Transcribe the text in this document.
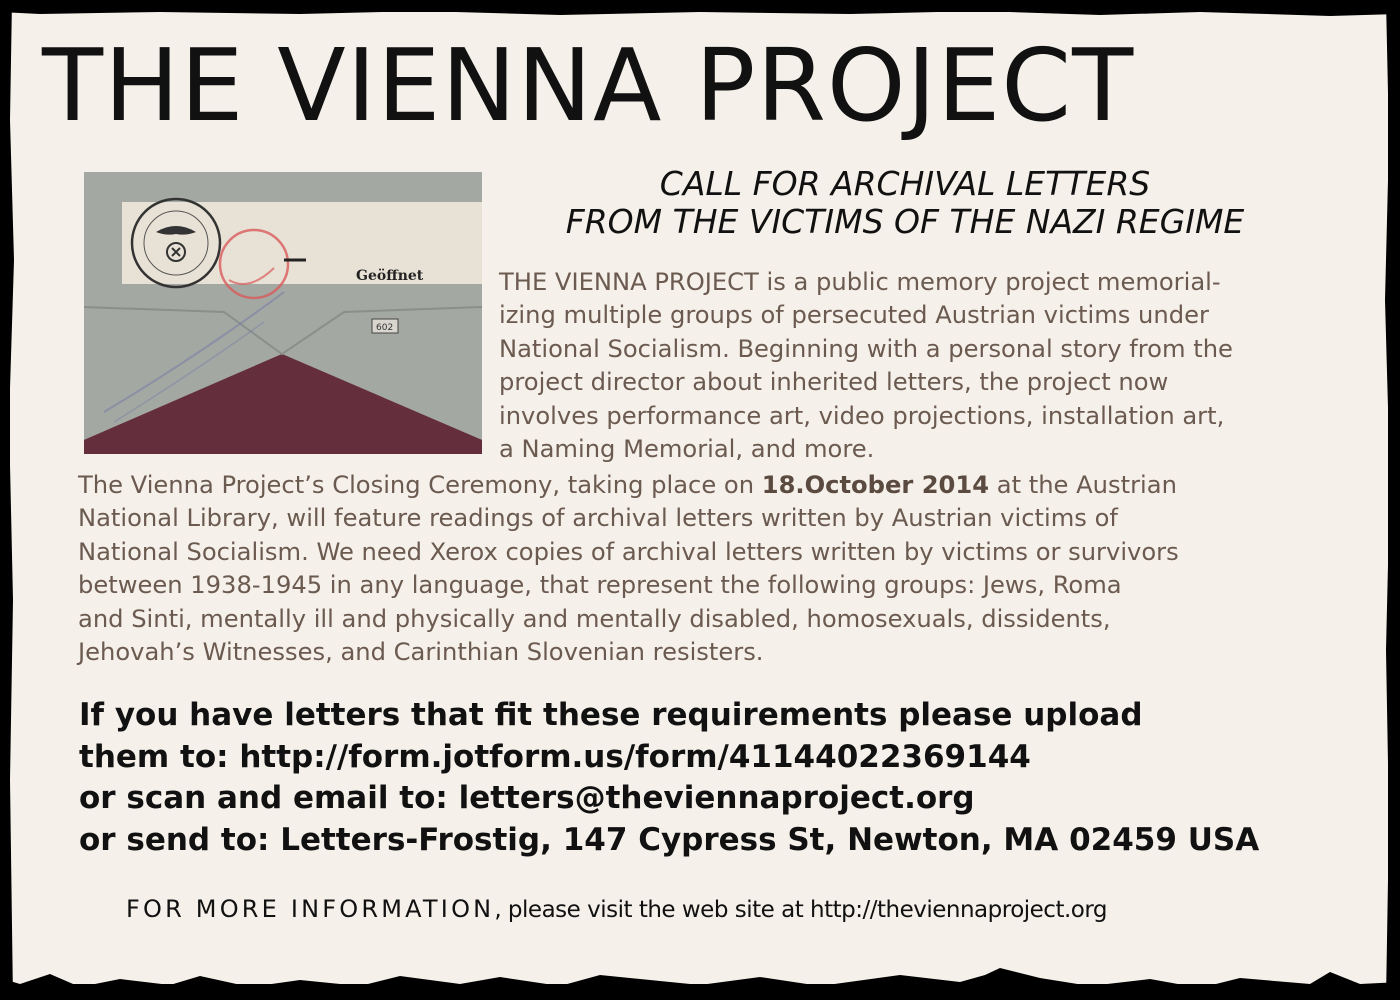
THE VIENNA PROJECT
Geöffnet
602
CALL FOR ARCHIVAL LETTERS
FROM THE VICTIMS OF THE NAZI REGIME
THE VIENNA PROJECT is a public memory project memorial-
izing multiple groups of persecuted Austrian victims under
National Socialism. Beginning with a personal story from the
project director about inherited letters, the project now
involves performance art, video projections, installation art,
a Naming Memorial, and more.
The Vienna Project’s Closing Ceremony, taking place on 18.October 2014 at the Austrian
National Library, will feature readings of archival letters written by Austrian victims of
National Socialism. We need Xerox copies of archival letters written by victims or survivors
between 1938-1945 in any language, that represent the following groups: Jews, Roma
and Sinti, mentally ill and physically and mentally disabled, homosexuals, dissidents,
Jehovah’s Witnesses, and Carinthian Slovenian resisters.
If you have letters that fit these requirements please upload
them to: http://form.jotform.us/form/41144022369144
or scan and email to: letters@theviennaproject.org
or send to: Letters-Frostig, 147 Cypress St, Newton, MA 02459 USA
FOR MORE INFORMATION, please visit the web site at http://theviennaproject.org
